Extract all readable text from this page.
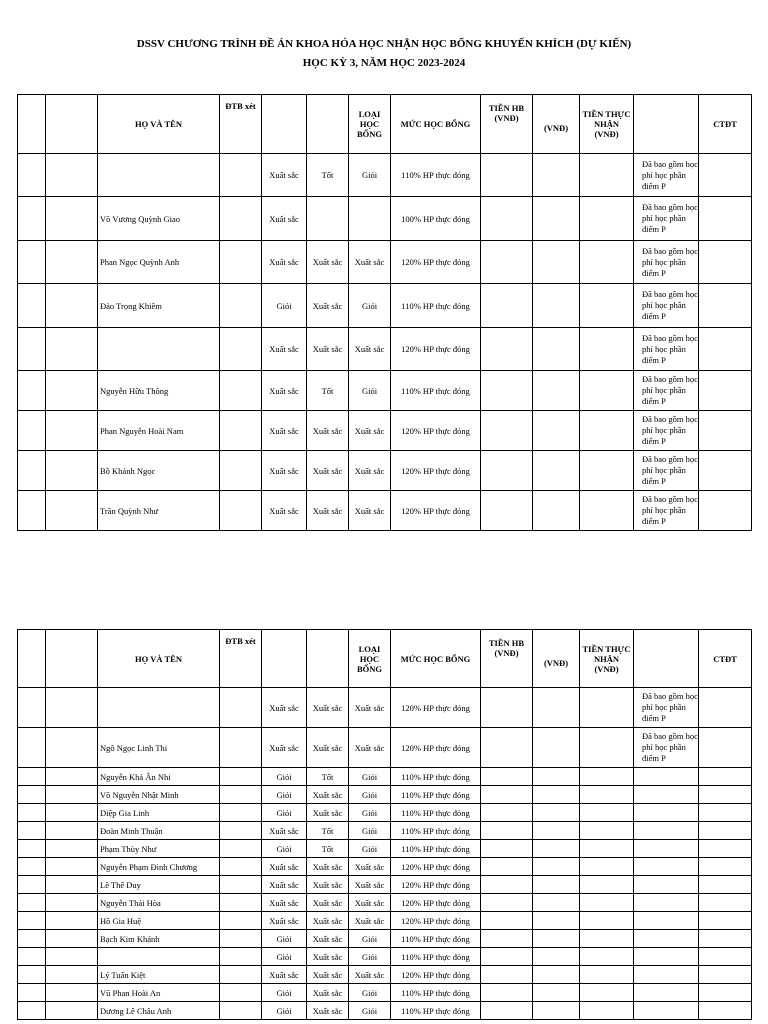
DSSV CHƯƠNG TRÌNH ĐỀ ÁN KHOA HÓA HỌC NHẬN HỌC BỔNG KHUYẾN KHÍCH (DỰ KIẾN)
HỌC KỲ 3, NĂM HỌC 2023-2024
		HỌ VÀ TÊN	ĐTB xét			LOẠI HỌC BỔNG	MỨC HỌC BỔNG	TIỀN HB (VNĐ)	(VNĐ)	TIỀN THỰC NHẬN (VNĐ)		CTĐT
				Xuất sắc	Tốt	Giỏi	110% HP thực đóng				Đã bao gồm học phí học phần điểm P	
		Võ Vương Quỳnh Giao		Xuất sắc			100% HP thực đóng				Đã bao gồm học phí học phần điểm P	
		Phan Ngọc Quỳnh Anh		Xuất sắc	Xuất sắc	Xuất sắc	120% HP thực đóng				Đã bao gồm học phí học phần điểm P	
		Đào Trọng Khiêm		Giỏi	Xuất sắc	Giỏi	110% HP thực đóng				Đã bao gồm học phí học phần điểm P	
				Xuất sắc	Xuất sắc	Xuất sắc	120% HP thực đóng				Đã bao gồm học phí học phần điểm P	
		Nguyễn Hữu Thông		Xuất sắc	Tốt	Giỏi	110% HP thực đóng				Đã bao gồm học phí học phần điểm P	
		Phan Nguyễn Hoài Nam		Xuất sắc	Xuất sắc	Xuất sắc	120% HP thực đóng				Đã bao gồm học phí học phần điểm P	
		Bồ Khánh Ngọc		Xuất sắc	Xuất sắc	Xuất sắc	120% HP thực đóng				Đã bao gồm học phí học phần điểm P	
		Trần Quỳnh Như		Xuất sắc	Xuất sắc	Xuất sắc	120% HP thực đóng				Đã bao gồm học phí học phần điểm P	
		HỌ VÀ TÊN	ĐTB xét			LOẠI HỌC BỔNG	MỨC HỌC BỔNG	TIỀN HB (VNĐ)	(VNĐ)	TIỀN THỰC NHẬN (VNĐ)		CTĐT
				Xuất sắc	Xuất sắc	Xuất sắc	120% HP thực đóng				Đã bao gồm học phí học phần điểm P	
		Ngô Ngọc Linh Thi		Xuất sắc	Xuất sắc	Xuất sắc	120% HP thực đóng				Đã bao gồm học phí học phần điểm P	
		Nguyễn Khả Ân Nhi		Giỏi	Tốt	Giỏi	110% HP thực đóng					
		Võ Nguyễn Nhật Minh		Giỏi	Xuất sắc	Giỏi	110% HP thực đóng					
		Diệp Gia Linh		Giỏi	Xuất sắc	Giỏi	110% HP thực đóng					
		Đoàn Minh Thuận		Xuất sắc	Tốt	Giỏi	110% HP thực đóng					
		Phạm Thùy Như		Giỏi	Tốt	Giỏi	110% HP thực đóng					
		Nguyễn Phạm Đình Chương		Xuất sắc	Xuất sắc	Xuất sắc	120% HP thực đóng					
		Lê Thế Duy		Xuất sắc	Xuất sắc	Xuất sắc	120% HP thực đóng					
		Nguyễn Thái Hòa		Xuất sắc	Xuất sắc	Xuất sắc	120% HP thực đóng					
		Hồ Gia Huệ		Xuất sắc	Xuất sắc	Xuất sắc	120% HP thực đóng					
		Bạch Kim Khánh		Giỏi	Xuất sắc	Giỏi	110% HP thực đóng					
				Giỏi	Xuất sắc	Giỏi	110% HP thực đóng					
		Lý Tuấn Kiệt		Xuất sắc	Xuất sắc	Xuất sắc	120% HP thực đóng					
		Vũ Phan Hoài An		Giỏi	Xuất sắc	Giỏi	110% HP thực đóng					
		Dương Lê Châu Anh		Giỏi	Xuất sắc	Giỏi	110% HP thực đóng					
